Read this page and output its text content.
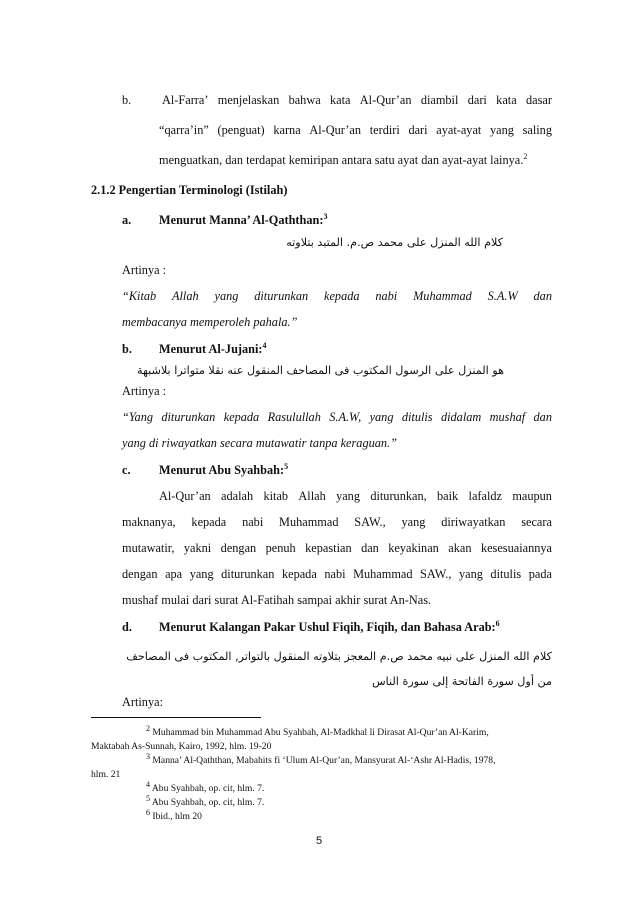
b.	Al-Farra’ menjelaskan bahwa kata Al-Qur’an diambil dari kata dasar
“qarra’in” (penguat) karna Al-Qur’an terdiri dari ayat-ayat yang saling
menguatkan, dan terdapat kemiripan antara satu ayat dan ayat-ayat lainya.$^2$
2.1.2 Pengertian Terminologi (Istilah)
a. Menurut Manna’ Al-Qaththan:$^3$
كلام الله المنزل على محمد ص.م. المتبد بتلاوته
Artinya :
“Kitab Allah yang diturunkan kepada nabi Muhammad S.A.W dan
membacanya memperoleh pahala.”
b. Menurut Al-Jujani:$^4$
هو المنزل على الرسول المكتوب فى المصاحف المنقول عنه نقلا متواترا بلاشبهة
Artinya :
“Yang diturunkan kepada Rasulullah S.A.W, yang ditulis didalam mushaf dan
yang di riwayatkan secara mutawatir tanpa keraguan.”
c. Menurut Abu Syahbah:$^5$
Al-Qur’an adalah kitab Allah yang diturunkan, baik lafaldz maupun
maknanya, kepada nabi Muhammad SAW., yang diriwayatkan secara
mutawatir, yakni dengan penuh kepastian dan keyakinan akan kesesuaiannya
dengan apa yang diturunkan kepada nabi Muhammad SAW., yang ditulis pada
mushaf mulai dari surat Al-Fatihah sampai akhir surat An-Nas.
d. Menurut Kalangan Pakar Ushul Fiqih, Fiqih, dan Bahasa Arab:$^6$
كلام الله المنزل على نبيه محمد ص.م المعجز بتلاوته المنقول بالتواتر, المكتوب فى المصاحف
من أول سورة الفاتحة إلى سورة الناس
Artinya:
$^2$ Muhammad bin Muhammad Abu Syahbah, Al-Madkhal li Dirasat Al-Qur’an Al-Karim,
Maktabah As-Sunnah, Kairo, 1992, hlm. 19-20
$^3$ Manna’ Al-Qaththan, Mabahits fi ‘Ulum Al-Qur’an, Mansyurat Al-‘Ashr Al-Hadis, 1978,
hlm. 21
$^4$ Abu Syahbah, op. cit, hlm. 7.
$^5$ Abu Syahbah, op. cit, hlm. 7.
$^6$ Ibid., hlm 20
5
